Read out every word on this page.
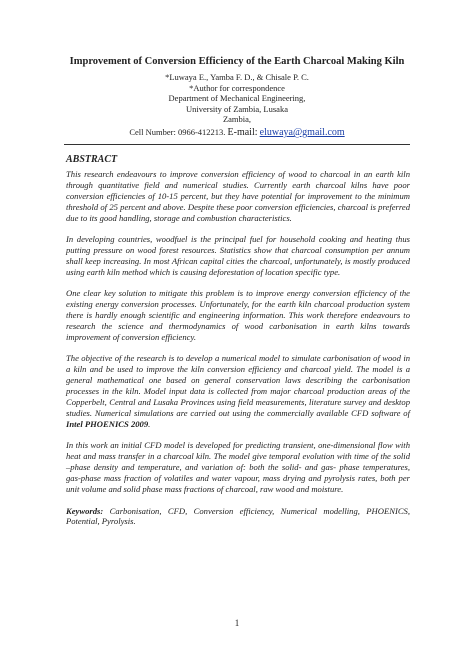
Improvement of Conversion Efficiency of the Earth Charcoal Making Kiln
*Luwaya E., Yamba F. D., & Chisale P. C.
*Author for correspondence
Department of Mechanical Engineering,
University of Zambia, Lusaka
Zambia,
Cell Number: 0966-412213. E-mail: eluwaya@gmail.com
ABSTRACT

This research endeavours to improve conversion efficiency of wood to charcoal in an earth kiln through quantitative field and numerical studies. Currently earth charcoal kilns have poor conversion efficiencies of 10-15 percent, but they have potential for improvement to the minimum threshold of 25 percent and above. Despite these poor conversion efficiencies, charcoal is preferred due to its good handling, storage and combustion characteristics.

In developing countries, woodfuel is the principal fuel for household cooking and heating thus putting pressure on wood forest resources. Statistics show that charcoal consumption per annum shall keep increasing. In most African capital cities the charcoal, unfortunately, is mostly produced using earth kiln method which is causing deforestation of location specific type.

One clear key solution to mitigate this problem is to improve energy conversion efficiency of the existing energy conversion processes. Unfortunately, for the earth kiln charcoal production system there is hardly enough scientific and engineering information. This work therefore endeavours to research the science and thermodynamics of wood carbonisation in earth kilns towards improvement of conversion efficiency.

The objective of the research is to develop a numerical model to simulate carbonisation of wood in a kiln and be used to improve the kiln conversion efficiency and charcoal yield. The model is a general mathematical one based on general conservation laws describing the carbonisation processes in the kiln. Model input data is collected from major charcoal production areas of the Copperbelt, Central and Lusaka Provinces using field measurements, literature survey and desktop studies. Numerical simulations are carried out using the commercially available CFD software of Intel PHOENICS 2009.

In this work an initial CFD model is developed for predicting transient, one-dimensional flow with heat and mass transfer in a charcoal kiln. The model give temporal evolution with time of the solid –phase density and temperature, and variation of: both the solid- and gas- phase temperatures, gas-phase mass fraction of volatiles and water vapour, mass drying and pyrolysis rates, both per unit volume and solid phase mass fractions of charcoal, raw wood and moisture.

Keywords: Carbonisation, CFD, Conversion efficiency, Numerical modelling, PHOENICS, Potential, Pyrolysis.

1
